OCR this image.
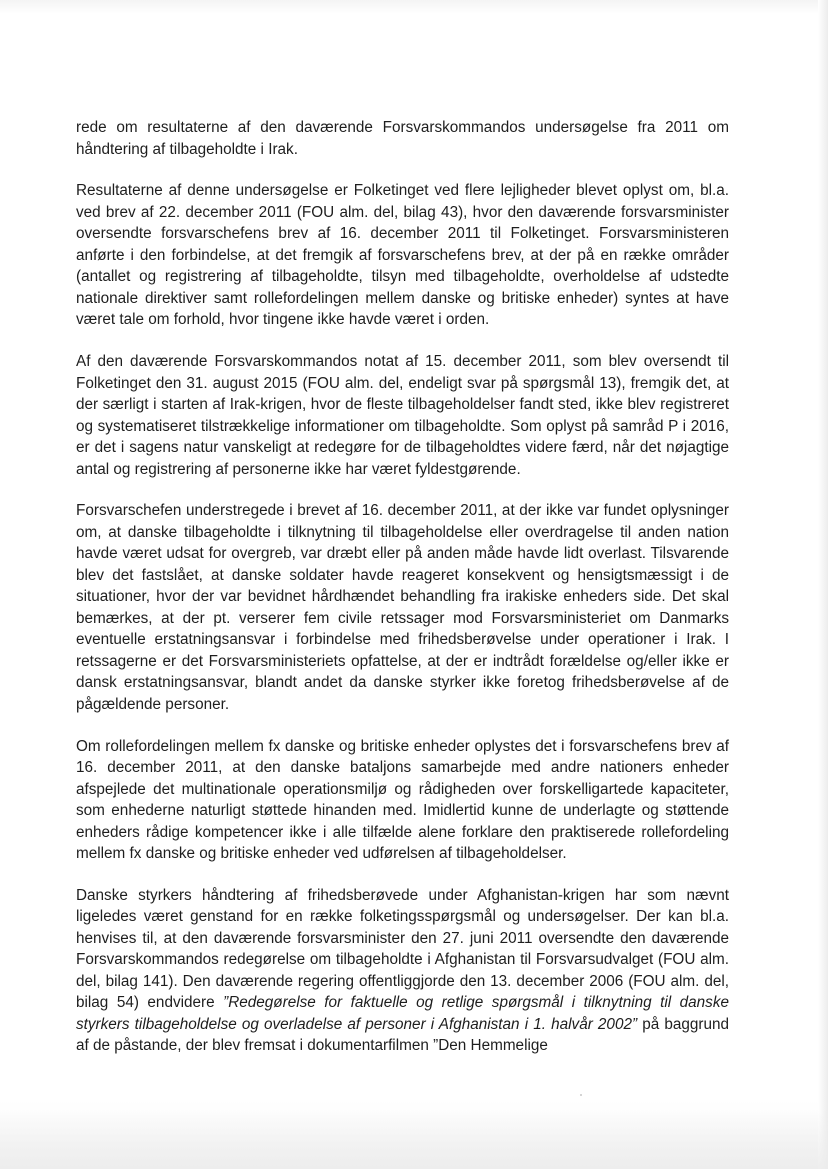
rede om resultaterne af den daværende Forsvarskommandos undersøgelse fra 2011 om håndtering af tilbageholdte i Irak.

Resultaterne af denne undersøgelse er Folketinget ved flere lejligheder blevet oplyst om, bl.a. ved brev af 22. december 2011 (FOU alm. del, bilag 43), hvor den daværende forsvarsminister oversendte forsvarschefens brev af 16. december 2011 til Folketinget. Forsvarsministeren anførte i den forbindelse, at det fremgik af forsvarschefens brev, at der på en række områder (antallet og registrering af tilbageholdte, tilsyn med tilbageholdte, overholdelse af udstedte nationale direktiver samt rollefordelingen mellem danske og britiske enheder) syntes at have været tale om forhold, hvor tingene ikke havde været i orden.

Af den daværende Forsvarskommandos notat af 15. december 2011, som blev oversendt til Folketinget den 31. august 2015 (FOU alm. del, endeligt svar på spørgsmål 13), fremgik det, at der særligt i starten af Irak-krigen, hvor de fleste tilbageholdelser fandt sted, ikke blev registreret og systematiseret tilstrækkelige informationer om tilbageholdte. Som oplyst på samråd P i 2016, er det i sagens natur vanskeligt at redegøre for de tilbageholdtes videre færd, når det nøjagtige antal og registrering af personerne ikke har været fyldestgørende.

Forsvarschefen understregede i brevet af 16. december 2011, at der ikke var fundet oplysninger om, at danske tilbageholdte i tilknytning til tilbageholdelse eller overdragelse til anden nation havde været udsat for overgreb, var dræbt eller på anden måde havde lidt overlast. Tilsvarende blev det fastslået, at danske soldater havde reageret konsekvent og hensigtsmæssigt i de situationer, hvor der var bevidnet hårdhændet behandling fra irakiske enheders side. Det skal bemærkes, at der pt. verserer fem civile retssager mod Forsvarsministeriet om Danmarks eventuelle erstatningsansvar i forbindelse med frihedsberøvelse under operationer i Irak. I retssagerne er det Forsvarsministeriets opfattelse, at der er indtrådt forældelse og/eller ikke er dansk erstatningsansvar, blandt andet da danske styrker ikke foretog frihedsberøvelse af de pågældende personer.

Om rollefordelingen mellem fx danske og britiske enheder oplystes det i forsvarschefens brev af 16. december 2011, at den danske bataljons samarbejde med andre nationers enheder afspejlede det multinationale operationsmiljø og rådigheden over forskelligartede kapaciteter, som enhederne naturligt støttede hinanden med. Imidlertid kunne de underlagte og støttende enheders rådige kompetencer ikke i alle tilfælde alene forklare den praktiserede rollefordeling mellem fx danske og britiske enheder ved udførelsen af tilbageholdelser.

Danske styrkers håndtering af frihedsberøvede under Afghanistan-krigen har som nævnt ligeledes været genstand for en række folketingsspørgsmål og undersøgelser. Der kan bl.a. henvises til, at den daværende forsvarsminister den 27. juni 2011 oversendte den daværende Forsvarskommandos redegørelse om tilbageholdte i Afghanistan til Forsvarsudvalget (FOU alm. del, bilag 141). Den daværende regering offentliggjorde den 13. december 2006 (FOU alm. del, bilag 54) endvidere ”Redegørelse for faktuelle og retlige spørgsmål i tilknytning til danske styrkers tilbageholdelse og overladelse af personer i Afghanistan i 1. halvår 2002” på baggrund af de påstande, der blev fremsat i dokumentarfilmen ”Den Hemmelige
